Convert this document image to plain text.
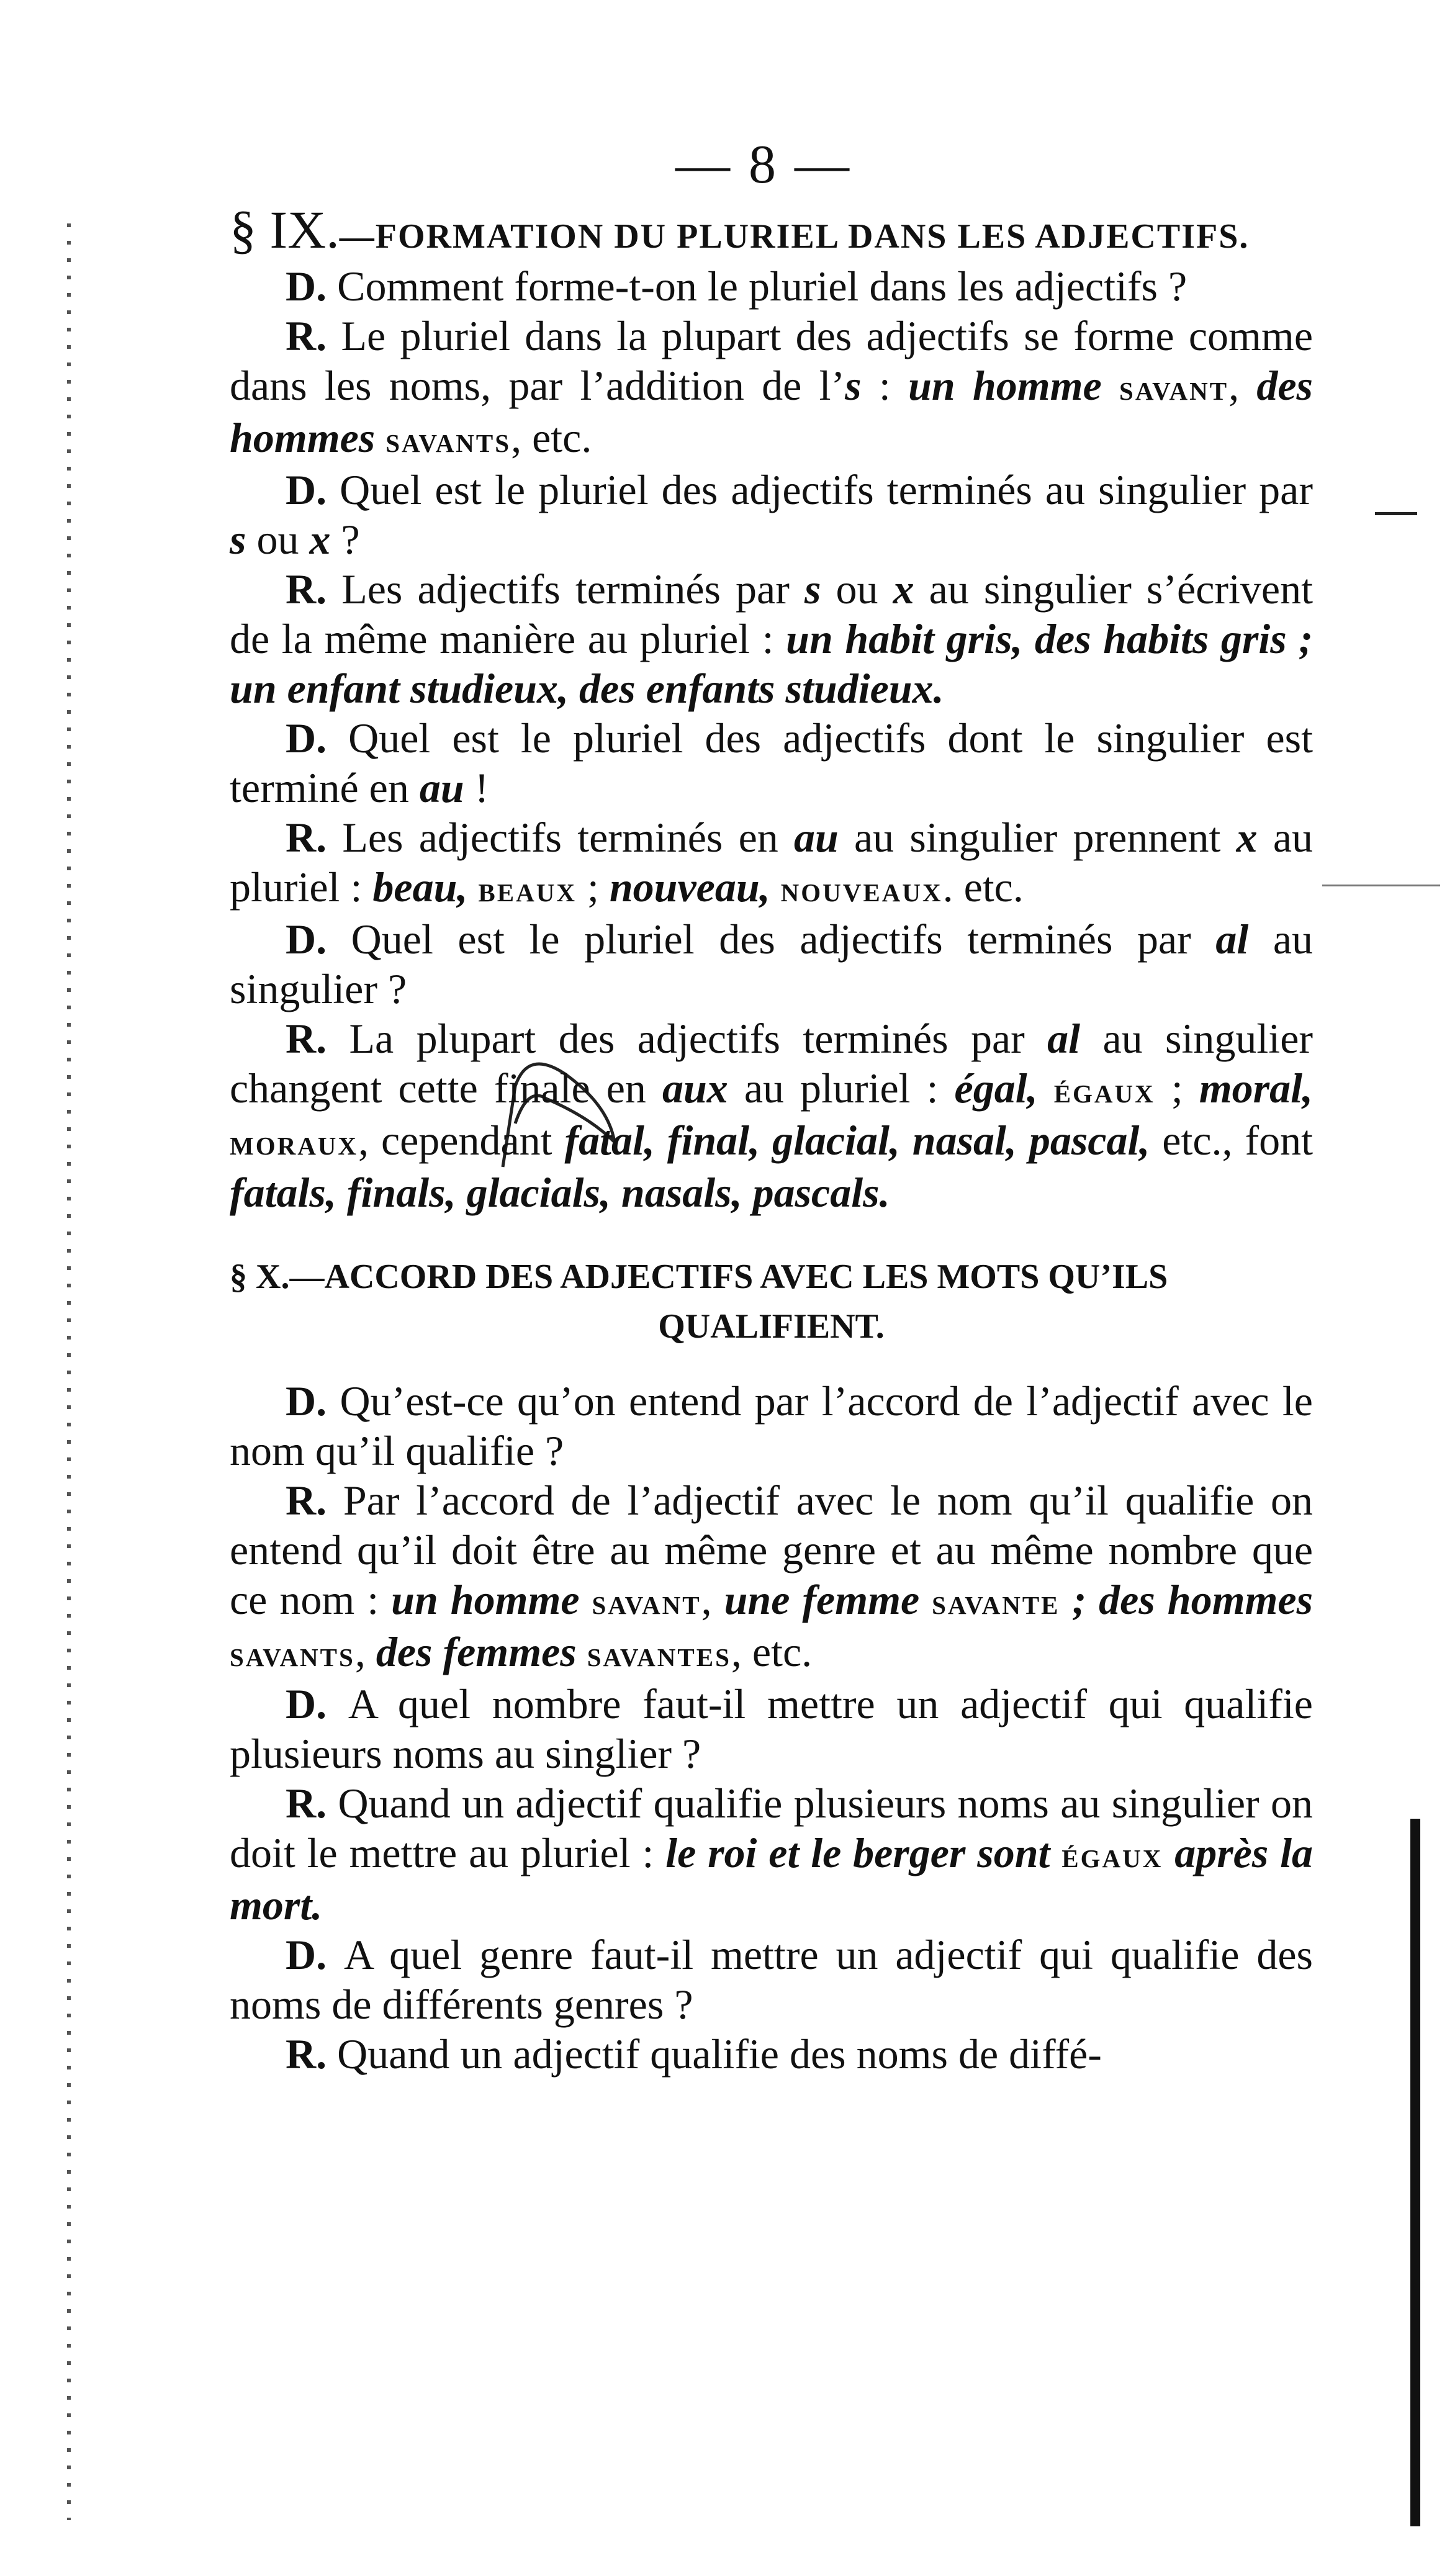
— 8 —
§ IX.—FORMATION DU PLURIEL DANS LES ADJECTIFS.

D. Comment forme-t-on le pluriel dans les adjectifs ?

R. Le pluriel dans la plupart des adjectifs se forme comme dans les noms, par l’addition de l’s : un homme savant, des hommes savants, etc.

D. Quel est le pluriel des adjectifs terminés au singulier par s ou x ?

R. Les adjectifs terminés par s ou x au singulier s’écrivent de la même manière au pluriel : un habit gris, des habits gris ; un enfant studieux, des enfants studieux.

D. Quel est le pluriel des adjectifs dont le singulier est terminé en au !

R. Les adjectifs terminés en au au singulier prennent x au pluriel : beau, beaux ; nouveau, nouveaux. etc.

D. Quel est le pluriel des adjectifs terminés par al au singulier ?

R. La plupart des adjectifs terminés par al au singulier changent cette finale en aux au pluriel : égal, égaux ; moral, moraux, cependant fatal, final, glacial, nasal, pascal, etc., font fatals, finals, glacials, nasals, pascals.

§ X.—ACCORD DES ADJECTIFS AVEC LES MOTS QU’ILS
QUALIFIENT.

D. Qu’est-ce qu’on entend par l’accord de l’adjectif avec le nom qu’il qualifie ?

R. Par l’accord de l’adjectif avec le nom qu’il qualifie on entend qu’il doit être au même genre et au même nombre que ce nom : un homme savant, une femme savante ; des hommes savants, des femmes savantes, etc.

D. A quel nombre faut-il mettre un adjectif qui qualifie plusieurs noms au singlier ?

R. Quand un adjectif qualifie plusieurs noms au singulier on doit le mettre au pluriel : le roi et le berger sont égaux après la mort.

D. A quel genre faut-il mettre un adjectif qui qualifie des noms de différents genres ?

R. Quand un adjectif qualifie des noms de diffé-
